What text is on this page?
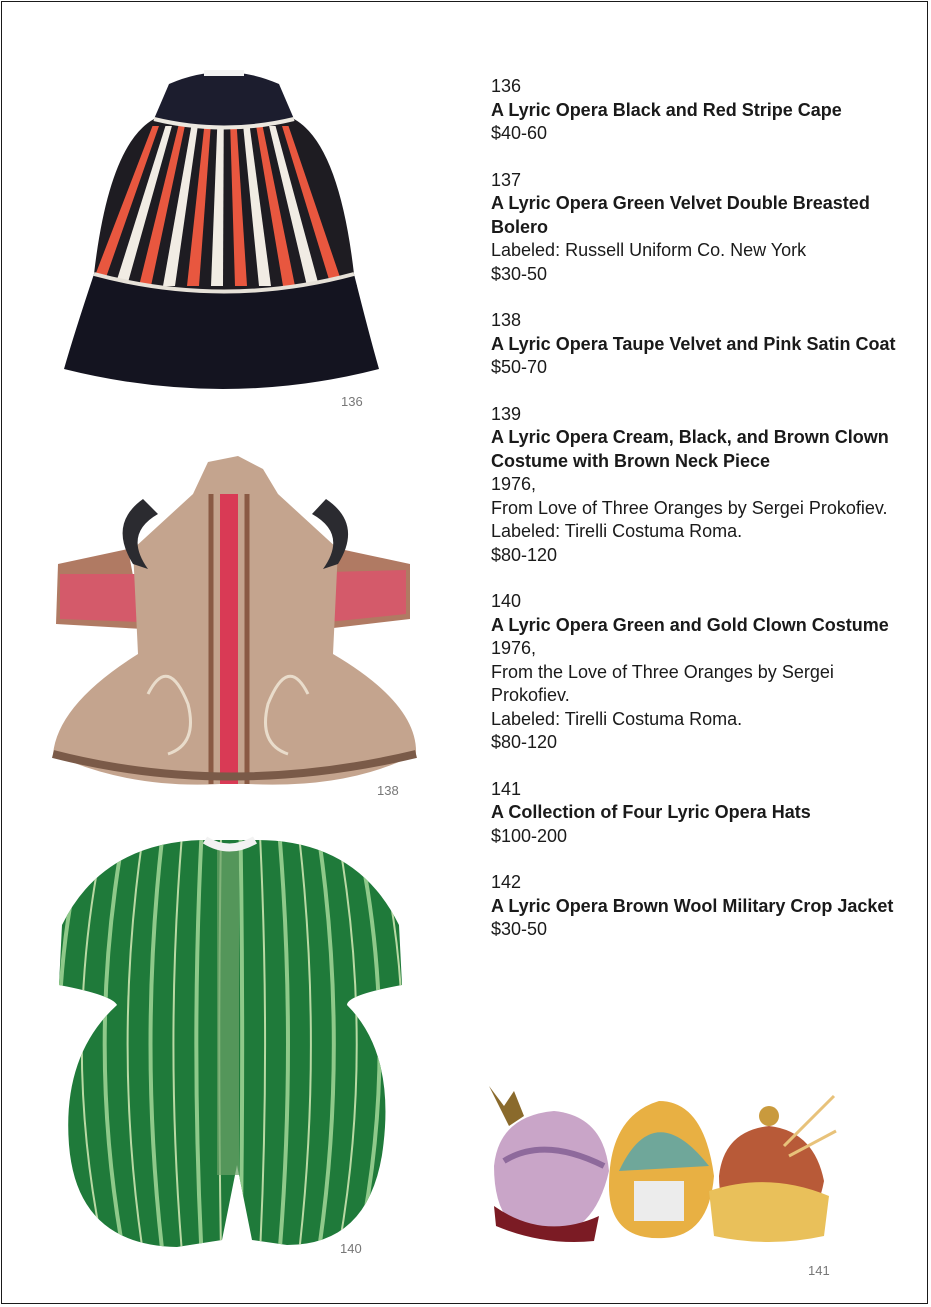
136
138
140
141
136
A Lyric Opera Black and Red Stripe Cape
$40-60
137
A Lyric Opera Green Velvet Double Breasted Bolero
Labeled: Russell Uniform Co. New York
$30-50
138
A Lyric Opera Taupe Velvet and Pink Satin Coat
$50-70
139
A Lyric Opera Cream, Black, and Brown Clown Costume with Brown Neck Piece
1976,
From Love of Three Oranges by Sergei Prokofiev.
Labeled: Tirelli Costuma Roma.
$80-120
140
A Lyric Opera Green and Gold Clown Costume
1976,
From the Love of Three Oranges by Sergei Prokofiev.
Labeled: Tirelli Costuma Roma.
$80-120
141
A Collection of Four Lyric Opera Hats
$100-200
142
A Lyric Opera Brown Wool Military Crop Jacket
$30-50
